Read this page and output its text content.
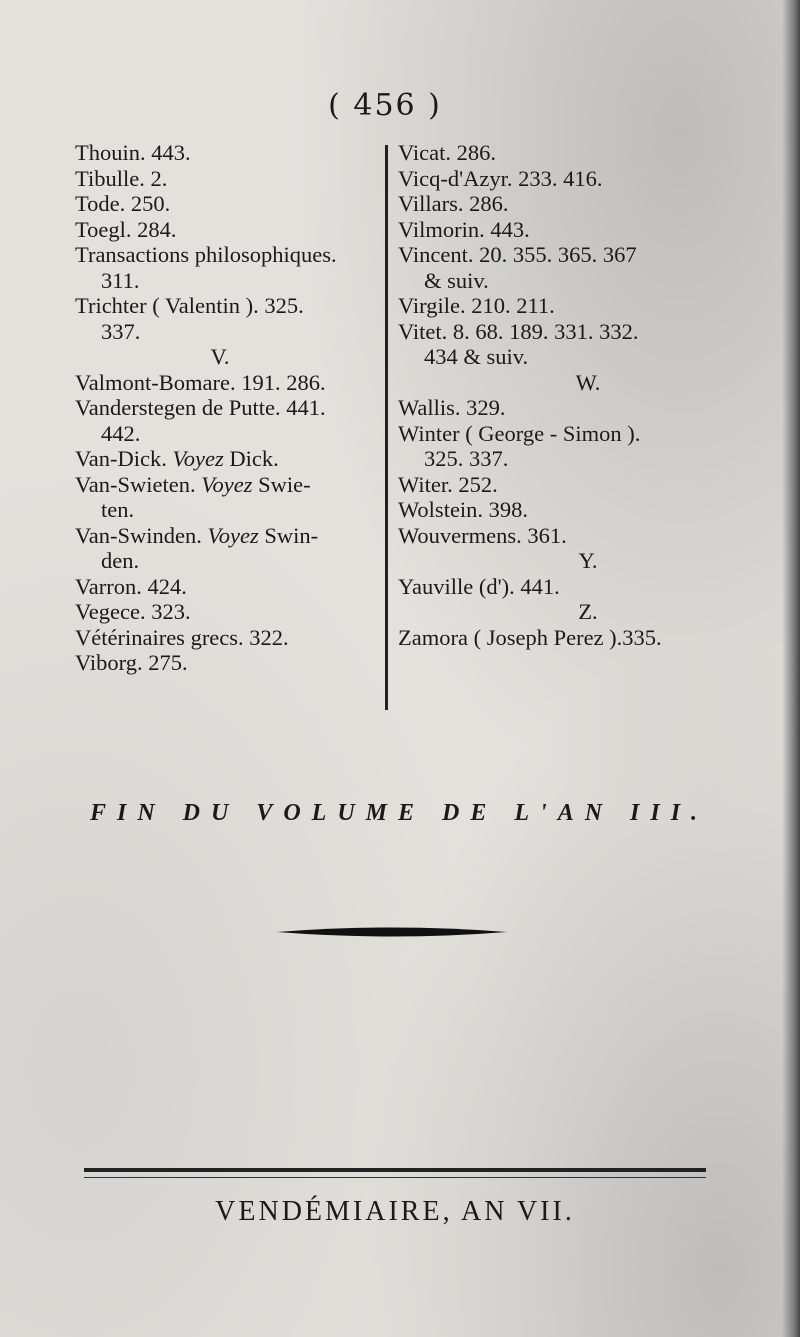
( 456 )
Thouin. 443.
Tibulle. 2.
Tode. 250.
Toegl. 284.
Transactions philosophiques.
311.
Trichter ( Valentin ). 325.
337.
V.
Valmont-Bomare. 191. 286.
Vanderstegen de Putte. 441.
442.
Van-Dick. Voyez Dick.
Van-Swieten. Voyez Swie-
ten.
Van-Swinden. Voyez Swin-
den.
Varron. 424.
Vegece. 323.
Vétérinaires grecs. 322.
Viborg. 275.
Vicat. 286.
Vicq-d'Azyr. 233. 416.
Villars. 286.
Vilmorin. 443.
Vincent. 20. 355. 365. 367
& suiv.
Virgile. 210. 211.
Vitet. 8. 68. 189. 331. 332.
434 & suiv.
W.
Wallis. 329.
Winter ( George - Simon ).
325. 337.
Witer. 252.
Wolstein. 398.
Wouvermens. 361.
Y.
Yauville (d'). 441.
Z.
Zamora ( Joseph Perez ).335.
FIN DU VOLUME DE L'AN III.
VENDÉMIAIRE, AN VII.
